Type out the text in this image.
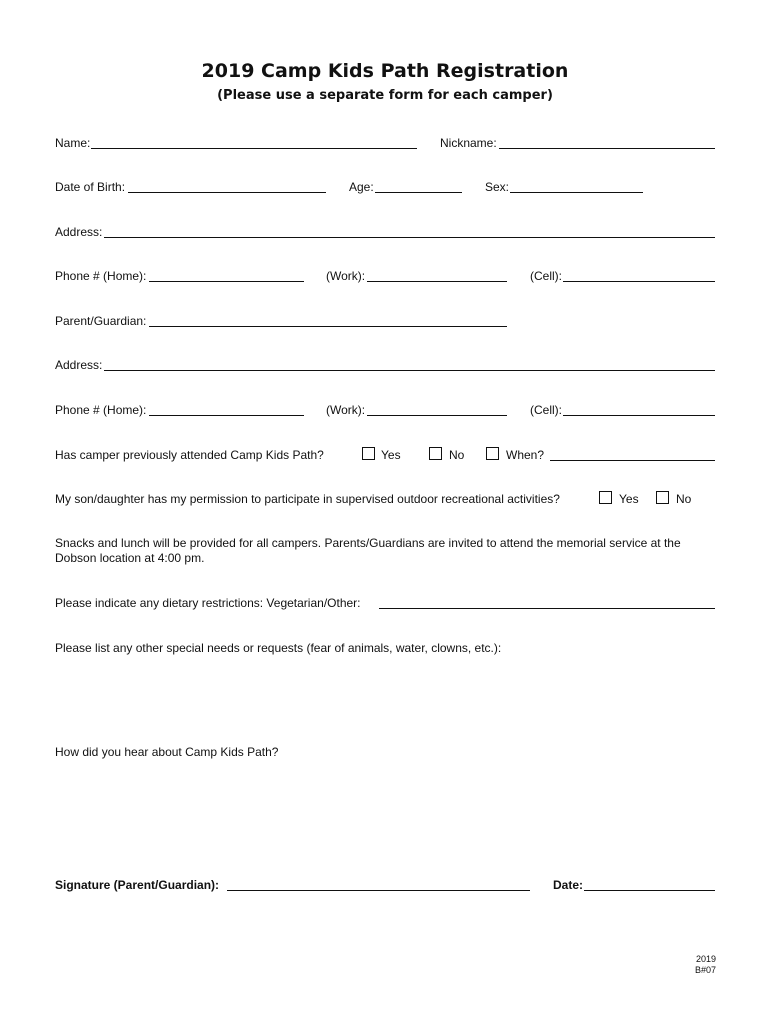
2019 Camp Kids Path Registration
(Please use a separate form for each camper)
Name:	Nickname:
Date of Birth:	Age:	Sex:
Address:
Phone # (Home):	(Work):	(Cell):
Parent/Guardian:
Address:
Phone # (Home):	(Work):	(Cell):
Has camper previously attended Camp Kids Path?	Yes	No	When?
My son/daughter has my permission to participate in supervised outdoor recreational activities?	Yes	No
Snacks and lunch will be provided for all campers. Parents/Guardians are invited to attend the memorial service at the Dobson location at 4:00 pm.
Please indicate any dietary restrictions: Vegetarian/Other:
Please list any other special needs or requests (fear of animals, water, clowns, etc.):
How did you hear about Camp Kids Path?
Signature (Parent/Guardian):	Date:
2019
B#07
